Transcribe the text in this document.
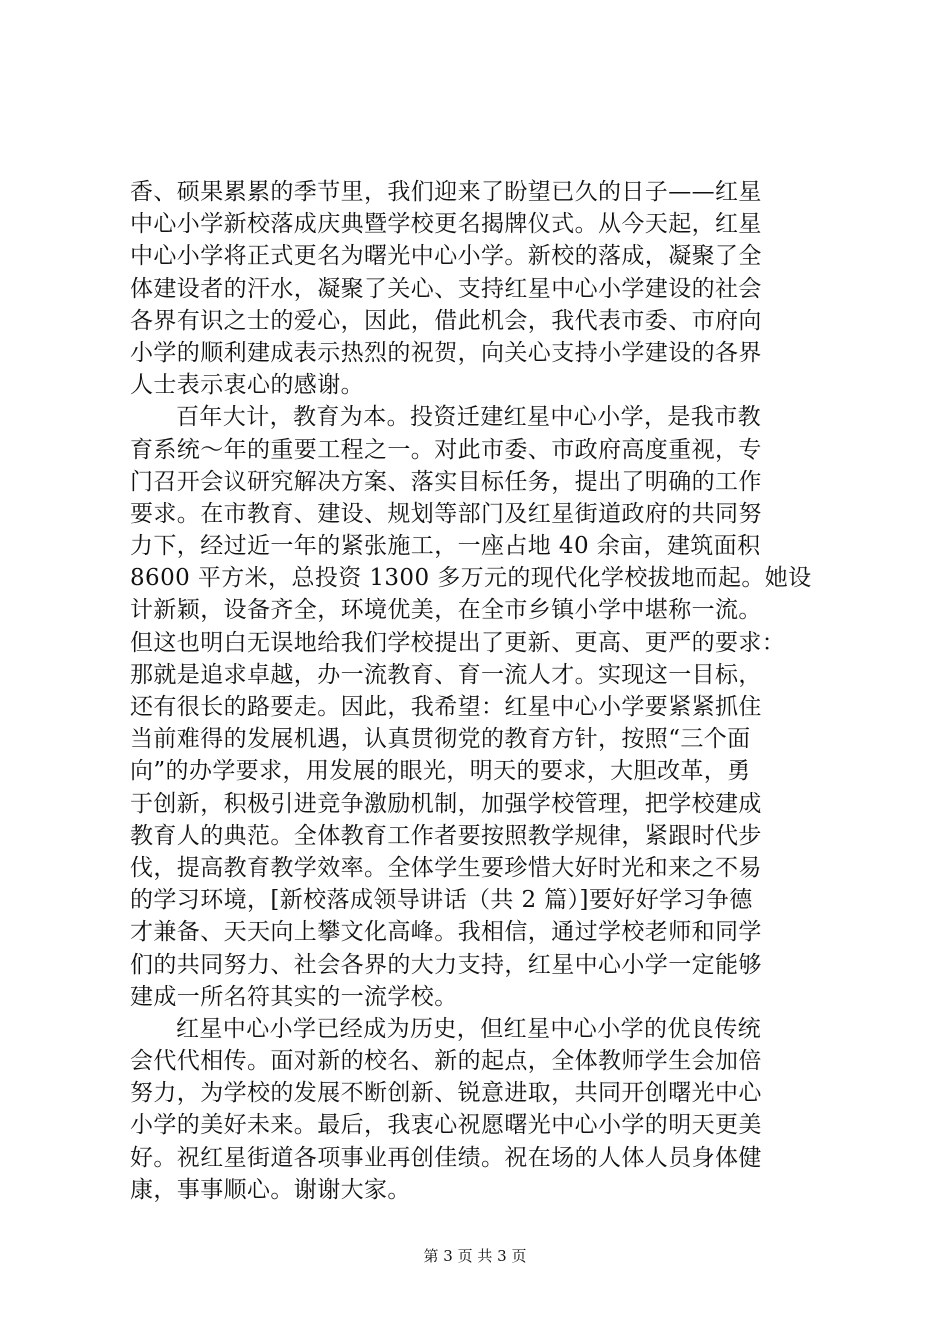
香、硕果累累的季节里，我们迎来了盼望已久的日子——红星
中心小学新校落成庆典暨学校更名揭牌仪式。从今天起，红星
中心小学将正式更名为曙光中心小学。新校的落成，凝聚了全
体建设者的汗水，凝聚了关心、支持红星中心小学建设的社会
各界有识之士的爱心，因此，借此机会，我代表市委、市府向
小学的顺利建成表示热烈的祝贺，向关心支持小学建设的各界
人士表示衷心的感谢。
百年大计，教育为本。投资迁建红星中心小学，是我市教
育系统～年的重要工程之一。对此市委、市政府高度重视，专
门召开会议研究解决方案、落实目标任务，提出了明确的工作
要求。在市教育、建设、规划等部门及红星街道政府的共同努
力下，经过近一年的紧张施工，一座占地 40 余亩，建筑面积
8600 平方米，总投资 1300 多万元的现代化学校拔地而起。她设
计新颖，设备齐全，环境优美，在全市乡镇小学中堪称一流。
但这也明白无误地给我们学校提出了更新、更高、更严的要求：
那就是追求卓越，办一流教育、育一流人才。实现这一目标，
还有很长的路要走。因此，我希望：红星中心小学要紧紧抓住
当前难得的发展机遇，认真贯彻党的教育方针，按照“三个面
向”的办学要求，用发展的眼光，明天的要求，大胆改革，勇
于创新，积极引进竞争激励机制，加强学校管理，把学校建成
教育人的典范。全体教育工作者要按照教学规律，紧跟时代步
伐，提高教育教学效率。全体学生要珍惜大好时光和来之不易
的学习环境，[新校落成领导讲话（共 2 篇）]要好好学习争德
才兼备、天天向上攀文化高峰。我相信，通过学校老师和同学
们的共同努力、社会各界的大力支持，红星中心小学一定能够
建成一所名符其实的一流学校。
红星中心小学已经成为历史，但红星中心小学的优良传统
会代代相传。面对新的校名、新的起点，全体教师学生会加倍
努力，为学校的发展不断创新、锐意进取，共同开创曙光中心
小学的美好未来。最后，我衷心祝愿曙光中心小学的明天更美
好。祝红星街道各项事业再创佳绩。祝在场的人体人员身体健
康，事事顺心。谢谢大家。
第 3 页 共 3 页
